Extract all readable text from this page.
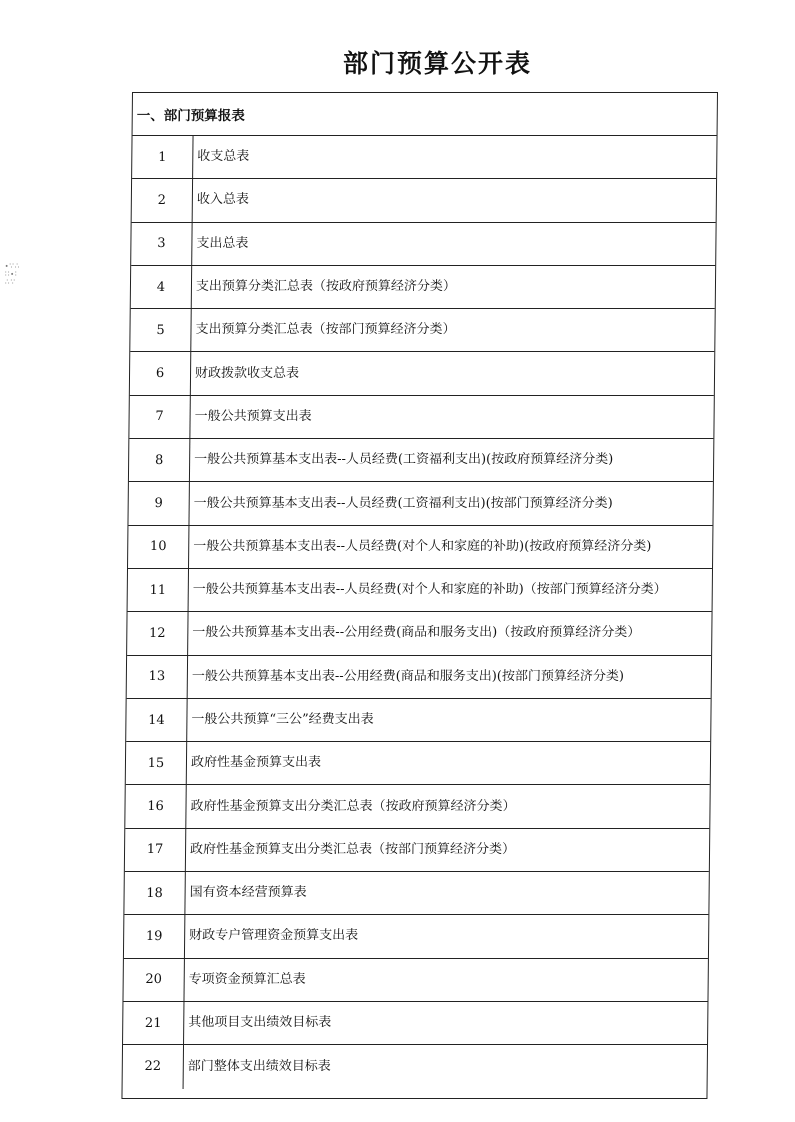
部门预算公开表
∙∵∴
∷∙∶
∴∵
一、部门预算报表
1	收支总表
2	收入总表
3	支出总表
4	支出预算分类汇总表（按政府预算经济分类）
5	支出预算分类汇总表（按部门预算经济分类）
6	财政拨款收支总表
7	一般公共预算支出表
8	一般公共预算基本支出表--人员经费(工资福利支出)(按政府预算经济分类)
9	一般公共预算基本支出表--人员经费(工资福利支出)(按部门预算经济分类)
10	一般公共预算基本支出表--人员经费(对个人和家庭的补助)(按政府预算经济分类)
11	一般公共预算基本支出表--人员经费(对个人和家庭的补助)（按部门预算经济分类）
12	一般公共预算基本支出表--公用经费(商品和服务支出)（按政府预算经济分类）
13	一般公共预算基本支出表--公用经费(商品和服务支出)(按部门预算经济分类)
14	一般公共预算“三公”经费支出表
15	政府性基金预算支出表
16	政府性基金预算支出分类汇总表（按政府预算经济分类）
17	政府性基金预算支出分类汇总表（按部门预算经济分类）
18	国有资本经营预算表
19	财政专户管理资金预算支出表
20	专项资金预算汇总表
21	其他项目支出绩效目标表
22	部门整体支出绩效目标表
